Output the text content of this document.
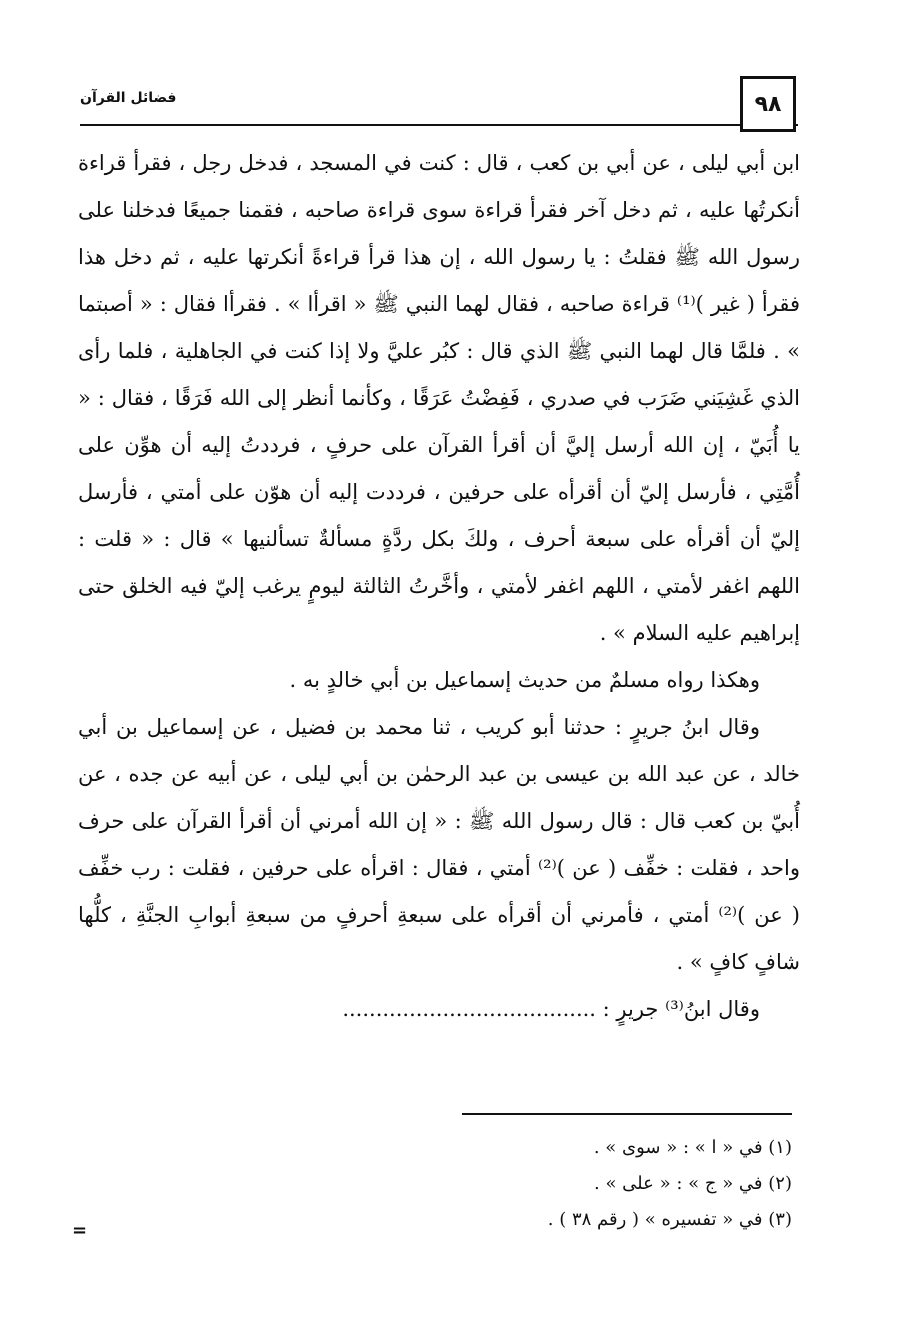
فضائل القرآن	٩٨

ابن أبي ليلى ، عن أبي بن كعب ، قال : كنت في المسجد ، فدخل رجل ، فقرأ قراءة أنكرتُها عليه ، ثم دخل آخر فقرأ قراءة سوى قراءة صاحبه ، فقمنا جميعًا فدخلنا على رسول الله ﷺ فقلتُ : يا رسول الله ، إن هذا قرأ قراءةً أنكرتها عليه ، ثم دخل هذا فقرأ ( غير )⁽¹⁾ قراءة صاحبه ، فقال لهما النبي ﷺ « اقرأا » . فقرأا فقال : « أصبتما » . فلمَّا قال لهما النبي ﷺ الذي قال : كبُر عليَّ ولا إذا كنت في الجاهلية ، فلما رأى الذي غَشِيَني ضَرَب في صدري ، فَفِضْتُ عَرَقًا ، وكأنما أنظر إلى الله فَرَقًا ، فقال : « يا أُبَيّ ، إن الله أرسل إليَّ أن أقرأ القرآن على حرفٍ ، فرددتُ إليه أن هوِّن على أُمَّتِي ، فأرسل إليّ أن أقرأه على حرفين ، فرددت إليه أن هوّن على أمتي ، فأرسل إليّ أن أقرأه على سبعة أحرف ، ولكَ بكل ردَّةٍ مسألةٌ تسألنيها » قال : « قلت : اللهم اغفر لأمتي ، اللهم اغفر لأمتي ، وأخَّرتُ الثالثة ليومٍ يرغب إليّ فيه الخلق حتى إبراهيم عليه السلام » .

وهكذا رواه مسلمٌ من حديث إسماعيل بن أبي خالدٍ به .

وقال ابنُ جريرٍ : حدثنا أبو كريب ، ثنا محمد بن فضيل ، عن إسماعيل بن أبي خالد ، عن عبد الله بن عيسى بن عبد الرحمٰن بن أبي ليلى ، عن أبيه عن جده ، عن أُبيّ بن كعب قال : قال رسول الله ﷺ : « إن الله أمرني أن أقرأ القرآن على حرف واحد ، فقلت : خفِّف ( عن )⁽²⁾ أمتي ، فقال : اقرأه على حرفين ، فقلت : رب خفِّف ( عن )⁽²⁾ أمتي ، فأمرني أن أقرأه على سبعةِ أحرفٍ من سبعةِ أبوابِ الجنَّةِ ، كلُّها شافٍ كافٍ » .

وقال ابنُ⁽³⁾ جريرٍ : ......................................

(١) في « ا » : « سوى » .
(٢) في « ج » : « على » .
(٣) في « تفسيره » ( رقم ٣٨ ) .
=
